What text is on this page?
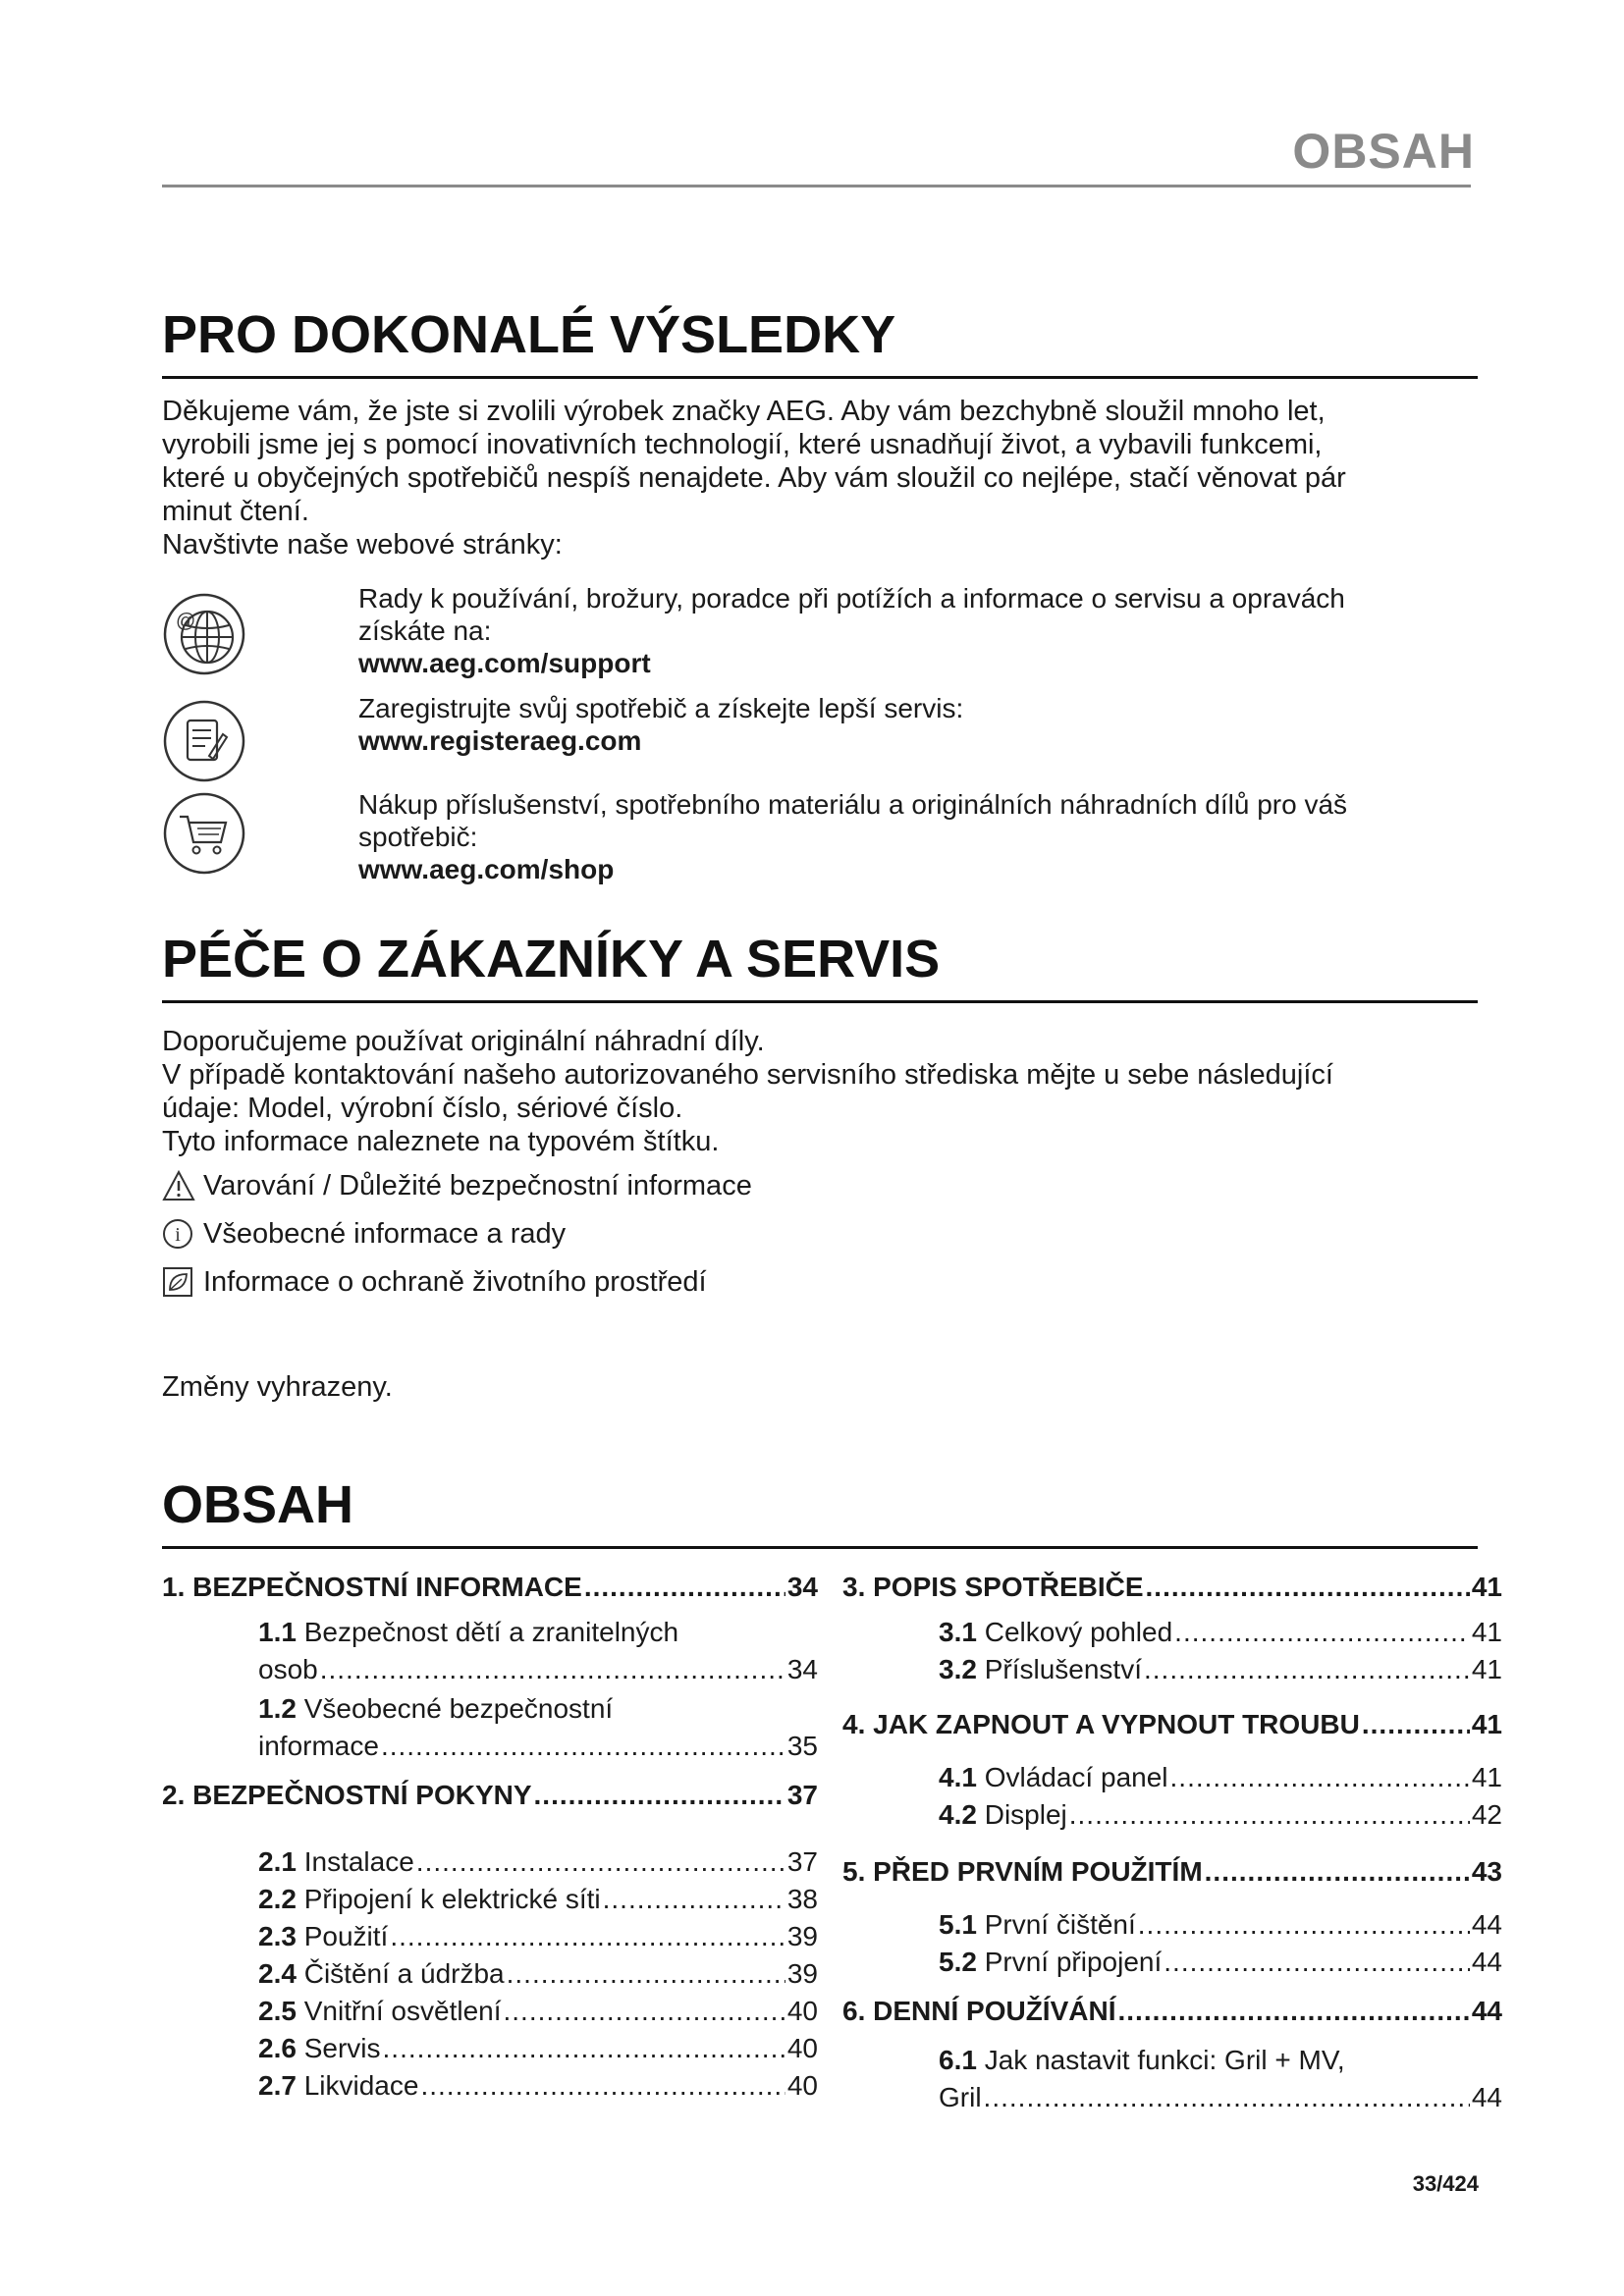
OBSAH
PRO DOKONALÉ VÝSLEDKY

Děkujeme vám, že jste si zvolili výrobek značky AEG. Aby vám bezchybně sloužil mnoho let,

vyrobili jsme jej s pomocí inovativních technologií, které usnadňují život, a vybavili funkcemi,

které u obyčejných spotřebičů nespíš nenajdete. Aby vám sloužil co nejlépe, stačí věnovat pár

minut čtení.

Navštivte naše webové stránky:

@
Rady k používání, brožury, poradce při potížích a informace o servisu a opravách
získáte na:
www.aeg.com/support
Zaregistrujte svůj spotřebič a získejte lepší servis:
www.registeraeg.com
Nákup příslušenství, spotřebního materiálu a originálních náhradních dílů pro váš
spotřebič:
www.aeg.com/shop
PÉČE O ZÁKAZNÍKY A SERVIS

Doporučujeme používat originální náhradní díly.

V případě kontaktování našeho autorizovaného servisního střediska mějte u sebe následující

údaje: Model, výrobní číslo, sériové číslo.

Tyto informace naleznete na typovém štítku.

Varování / Důležité bezpečnostní informace
i Všeobecné informace a rady
Informace o ochraně životního prostředí

Změny vyhrazeny.

OBSAH
1. BEZPEČNOSTNÍ INFORMACE .....	34
1.1 Bezpečnost dětí a zranitelných
osob .....	34
1.2 Všeobecné bezpečnostní
informace .....	35
2. BEZPEČNOSTNÍ POKYNY .....	37
2.1 Instalace .....	37
2.2 Připojení k elektrické síti .....	38
2.3 Použití .....	39
2.4 Čištění a údržba .....	39
2.5 Vnitřní osvětlení .....	40
2.6 Servis .....	40
2.7 Likvidace .....	40
3. POPIS SPOTŘEBIČE .....	41
3.1 Celkový pohled .....	41
3.2 Příslušenství .....	41
4. JAK ZAPNOUT A VYPNOUT TROUBU .....	41
4.1 Ovládací panel .....	41
4.2 Displej .....	42
5. PŘED PRVNÍM POUŽITÍM .....	43
5.1 První čištění .....	44
5.2 První připojení .....	44
6. DENNÍ POUŽÍVÁNÍ .....	44
6.1 Jak nastavit funkci: Gril + MV,
Gril .....	44
33/424
